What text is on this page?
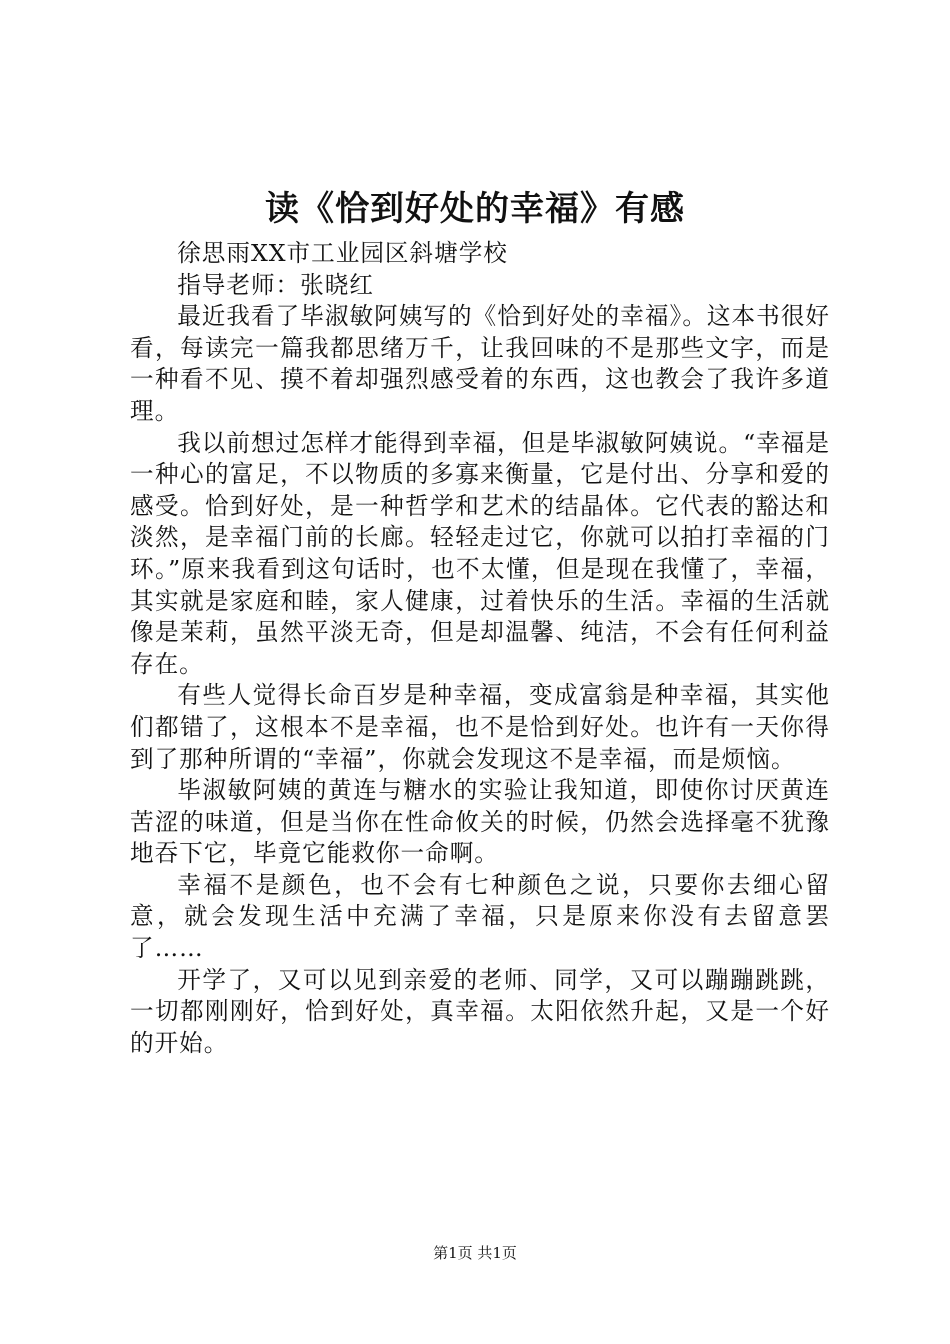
读《恰到好处的幸福》有感

徐思雨XX市工业园区斜塘学校

指导老师：张晓红

最近我看了毕淑敏阿姨写的《恰到好处的幸福》。这本书很好看，每读完一篇我都思绪万千，让我回味的不是那些文字，而是一种看不见、摸不着却强烈感受着的东西，这也教会了我许多道理。

我以前想过怎样才能得到幸福，但是毕淑敏阿姨说。“幸福是一种心的富足，不以物质的多寡来衡量，它是付出、分享和爱的感受。恰到好处，是一种哲学和艺术的结晶体。它代表的豁达和淡然，是幸福门前的长廊。轻轻走过它，你就可以拍打幸福的门环。”原来我看到这句话时，也不太懂，但是现在我懂了，幸福，其实就是家庭和睦，家人健康，过着快乐的生活。幸福的生活就像是茉莉，虽然平淡无奇，但是却温馨、纯洁，不会有任何利益存在。

有些人觉得长命百岁是种幸福，变成富翁是种幸福，其实他们都错了，这根本不是幸福，也不是恰到好处。也许有一天你得到了那种所谓的“幸福”，你就会发现这不是幸福，而是烦恼。

毕淑敏阿姨的黄连与糖水的实验让我知道，即使你讨厌黄连苦涩的味道，但是当你在性命攸关的时候，仍然会选择毫不犹豫地吞下它，毕竟它能救你一命啊。

幸福不是颜色，也不会有七种颜色之说，只要你去细心留意，就会发现生活中充满了幸福，只是原来你没有去留意罢了……

开学了，又可以见到亲爱的老师、同学，又可以蹦蹦跳跳，一切都刚刚好，恰到好处，真幸福。太阳依然升起，又是一个好的开始。

第1页 共1页
